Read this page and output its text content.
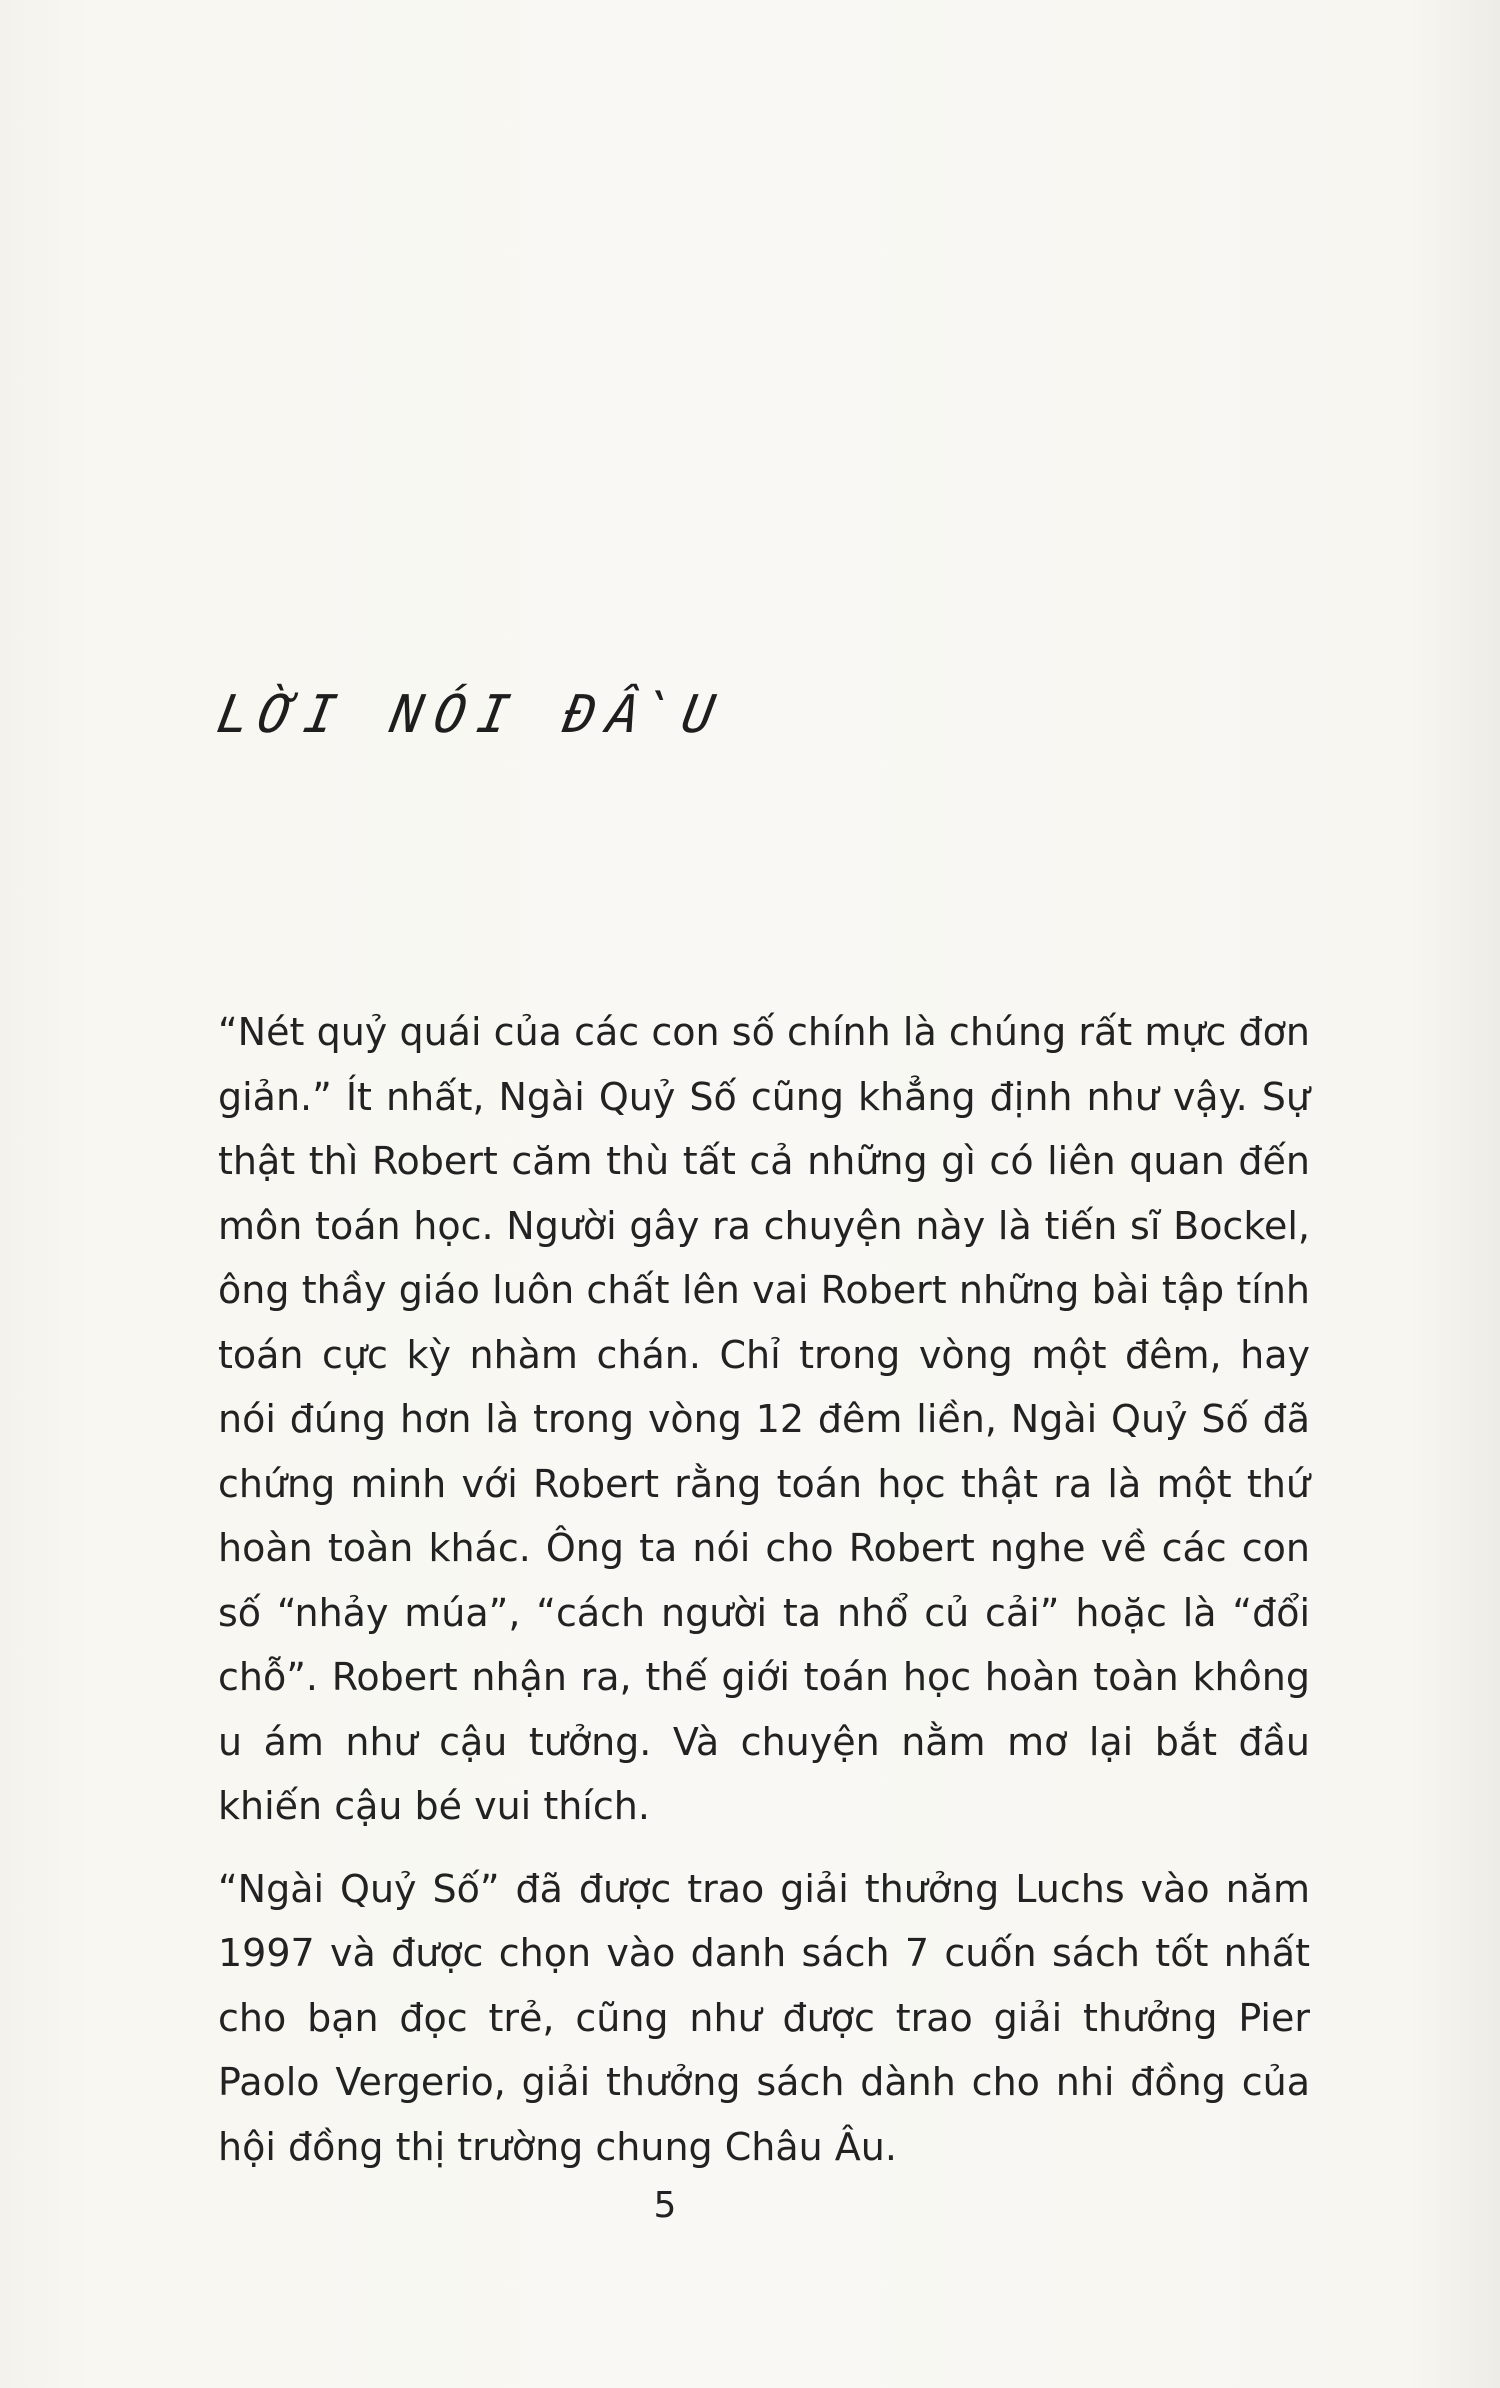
LỜI NÓI ĐẦU

“Nét quỷ quái của các con số chính là chúng rất mực đơn giản.” Ít nhất, Ngài Quỷ Số cũng khẳng định như vậy. Sự thật thì Robert căm thù tất cả những gì có liên quan đến môn toán học. Người gây ra chuyện này là tiến sĩ Bockel, ông thầy giáo luôn chất lên vai Robert những bài tập tính toán cực kỳ nhàm chán. Chỉ trong vòng một đêm, hay nói đúng hơn là trong vòng 12 đêm liền, Ngài Quỷ Số đã chứng minh với Robert rằng toán học thật ra là một thứ hoàn toàn khác. Ông ta nói cho Robert nghe về các con số “nhảy múa”, “cách người ta nhổ củ cải” hoặc là “đổi chỗ”. Robert nhận ra, thế giới toán học hoàn toàn không u ám như cậu tưởng. Và chuyện nằm mơ lại bắt đầu khiến cậu bé vui thích.

“Ngài Quỷ Số” đã được trao giải thưởng Luchs vào năm 1997 và được chọn vào danh sách 7 cuốn sách tốt nhất cho bạn đọc trẻ, cũng như được trao giải thưởng Pier Paolo Vergerio, giải thưởng sách dành cho nhi đồng của hội đồng thị trường chung Châu Âu.

5
